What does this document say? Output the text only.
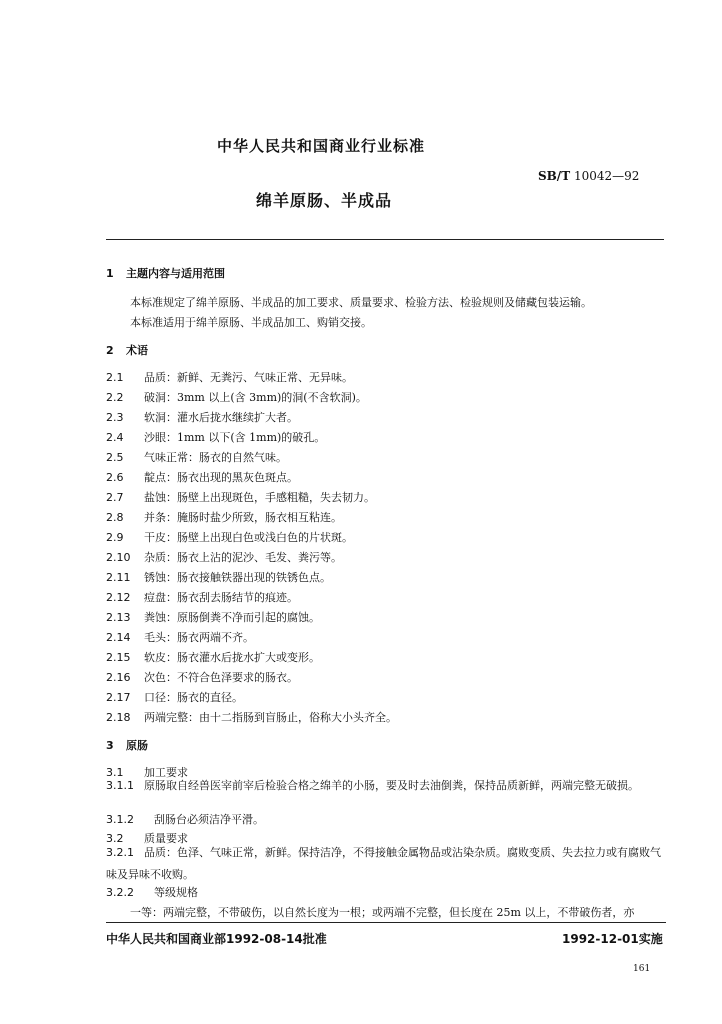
中华人民共和国商业行业标准
SB/T 10042—92
绵羊原肠、半成品
1 主题内容与适用范围
本标准规定了绵羊原肠、半成品的加工要求、质量要求、检验方法、检验规则及储藏包装运输。
本标准适用于绵羊原肠、半成品加工、购销交接。
2 术语
2.1 品质：新鲜、无粪污、气味正常、无异味。
2.2 破洞：3mm 以上(含 3mm)的洞(不含软洞)。
2.3 软洞：灌水后拢水继续扩大者。
2.4 沙眼：1mm 以下(含 1mm)的破孔。
2.5 气味正常：肠衣的自然气味。
2.6 靛点：肠衣出现的黑灰色斑点。
2.7 盐蚀：肠壁上出现斑色，手感粗糙，失去韧力。
2.8 并条：腌肠时盐少所致，肠衣相互粘连。
2.9 干皮：肠壁上出现白色或浅白色的片状斑。
2.10 杂质：肠衣上沾的泥沙、毛发、粪污等。
2.11 锈蚀：肠衣接触铁器出现的铁锈色点。
2.12 痘盘：肠衣刮去肠结节的痕迹。
2.13 粪蚀：原肠倒粪不净而引起的腐蚀。
2.14 毛头：肠衣两端不齐。
2.15 软皮：肠衣灌水后拢水扩大或变形。
2.16 次色：不符合色泽要求的肠衣。
2.17 口径：肠衣的直径。
2.18 两端完整：由十二指肠到盲肠止，俗称大小头齐全。
3 原肠
3.1 加工要求
3.1.1 原肠取自经兽医宰前宰后检验合格之绵羊的小肠，要及时去油倒粪，保持品质新鲜，两端完整无破损。
3.1.2 刮肠台必须洁净平滑。
3.2 质量要求
3.2.1 品质：色泽、气味正常，新鲜。保持洁净，不得接触金属物品或沾染杂质。腐败变质、失去拉力或有腐败气味及异味不收购。
3.2.2 等级规格
一等：两端完整，不带破伤，以自然长度为一根；或两端不完整，但长度在 25m 以上，不带破伤者，亦
中华人民共和国商业部1992-08-14批准	1992-12-01实施
161
